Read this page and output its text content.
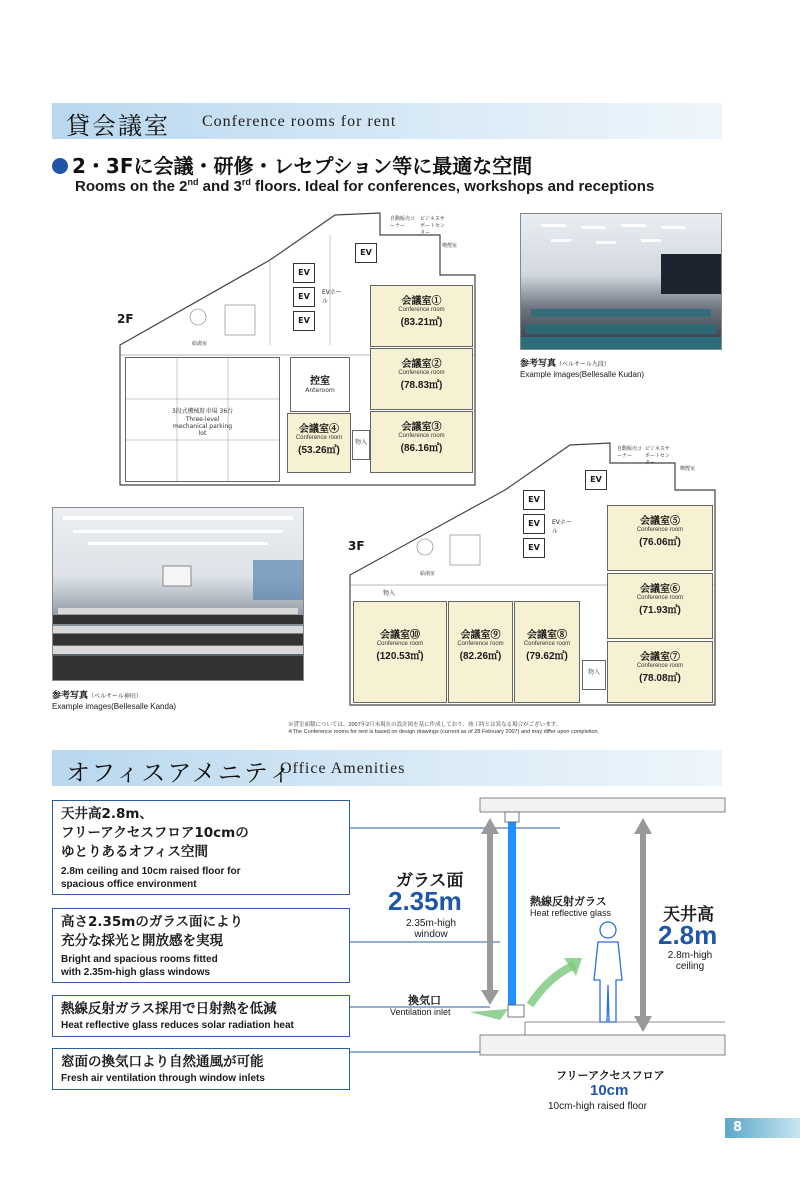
貸会議室 Conference rooms for rent
2・3Fに会議・研修・レセプション等に最適な空間
Rooms on the 2nd and 3rd floors. Ideal for conferences, workshops and receptions
2F
EV
EV
EV
EV
EVホール
自動販売コーナー
ビジネスサポートセンター
喫煙室
給湯室
3段式機械駐車場 36台
Three-level mechanical parking lot
控室
Anteroom
物入
会議室①
Conference room
(83.21㎡)
会議室②
Conference room
(78.83㎡)
会議室③
Conference room
(86.16㎡)
会議室④
Conference room
(53.26㎡)
参考写真（ベルサール九段）
Example images(Bellesalle Kudan)
参考写真（ベルサール神田）
Example images(Bellesalle Kanda)
3F
EV
EV
EV
EV
EVホール
自動販売コーナー
ビジネスサポートセンター
喫煙室
給湯室
物入
物入
会議室⑤
Conference room
(76.06㎡)
会議室⑥
Conference room
(71.93㎡)
会議室⑦
Conference room
(78.08㎡)
会議室⑧
Conference room
(79.62㎡)
会議室⑨
Conference room
(82.26㎡)
会議室⑩
Conference room
(120.53㎡)
※貸室面積については、2007年2月末現在の設計図を基に作成しており、竣工時とは異なる場合がございます。
※The Conference rooms for rent is based on design drawings (current as of 28 February 2007) and may differ upon completion.
オフィスアメニティ
Office Amenities
天井高2.8m、
フリーアクセスフロア10cmの
ゆとりあるオフィス空間
2.8m ceiling and 10cm raised floor for
spacious office environment
高さ2.35mのガラス面により
充分な採光と開放感を実現
Bright and spacious rooms fitted
with 2.35m-high glass windows
熱線反射ガラス採用で日射熱を低減
Heat reflective glass reduces solar radiation heat
窓面の換気口より自然通風が可能
Fresh air ventilation through window inlets
ガラス面
2.35m
2.35m-high
window
熱線反射ガラス
Heat reflective glass	天井高
2.8m
2.8m-high
ceiling
換気口
Ventilation inlet
フリーアクセスフロア
10cm
10cm-high raised floor
8
